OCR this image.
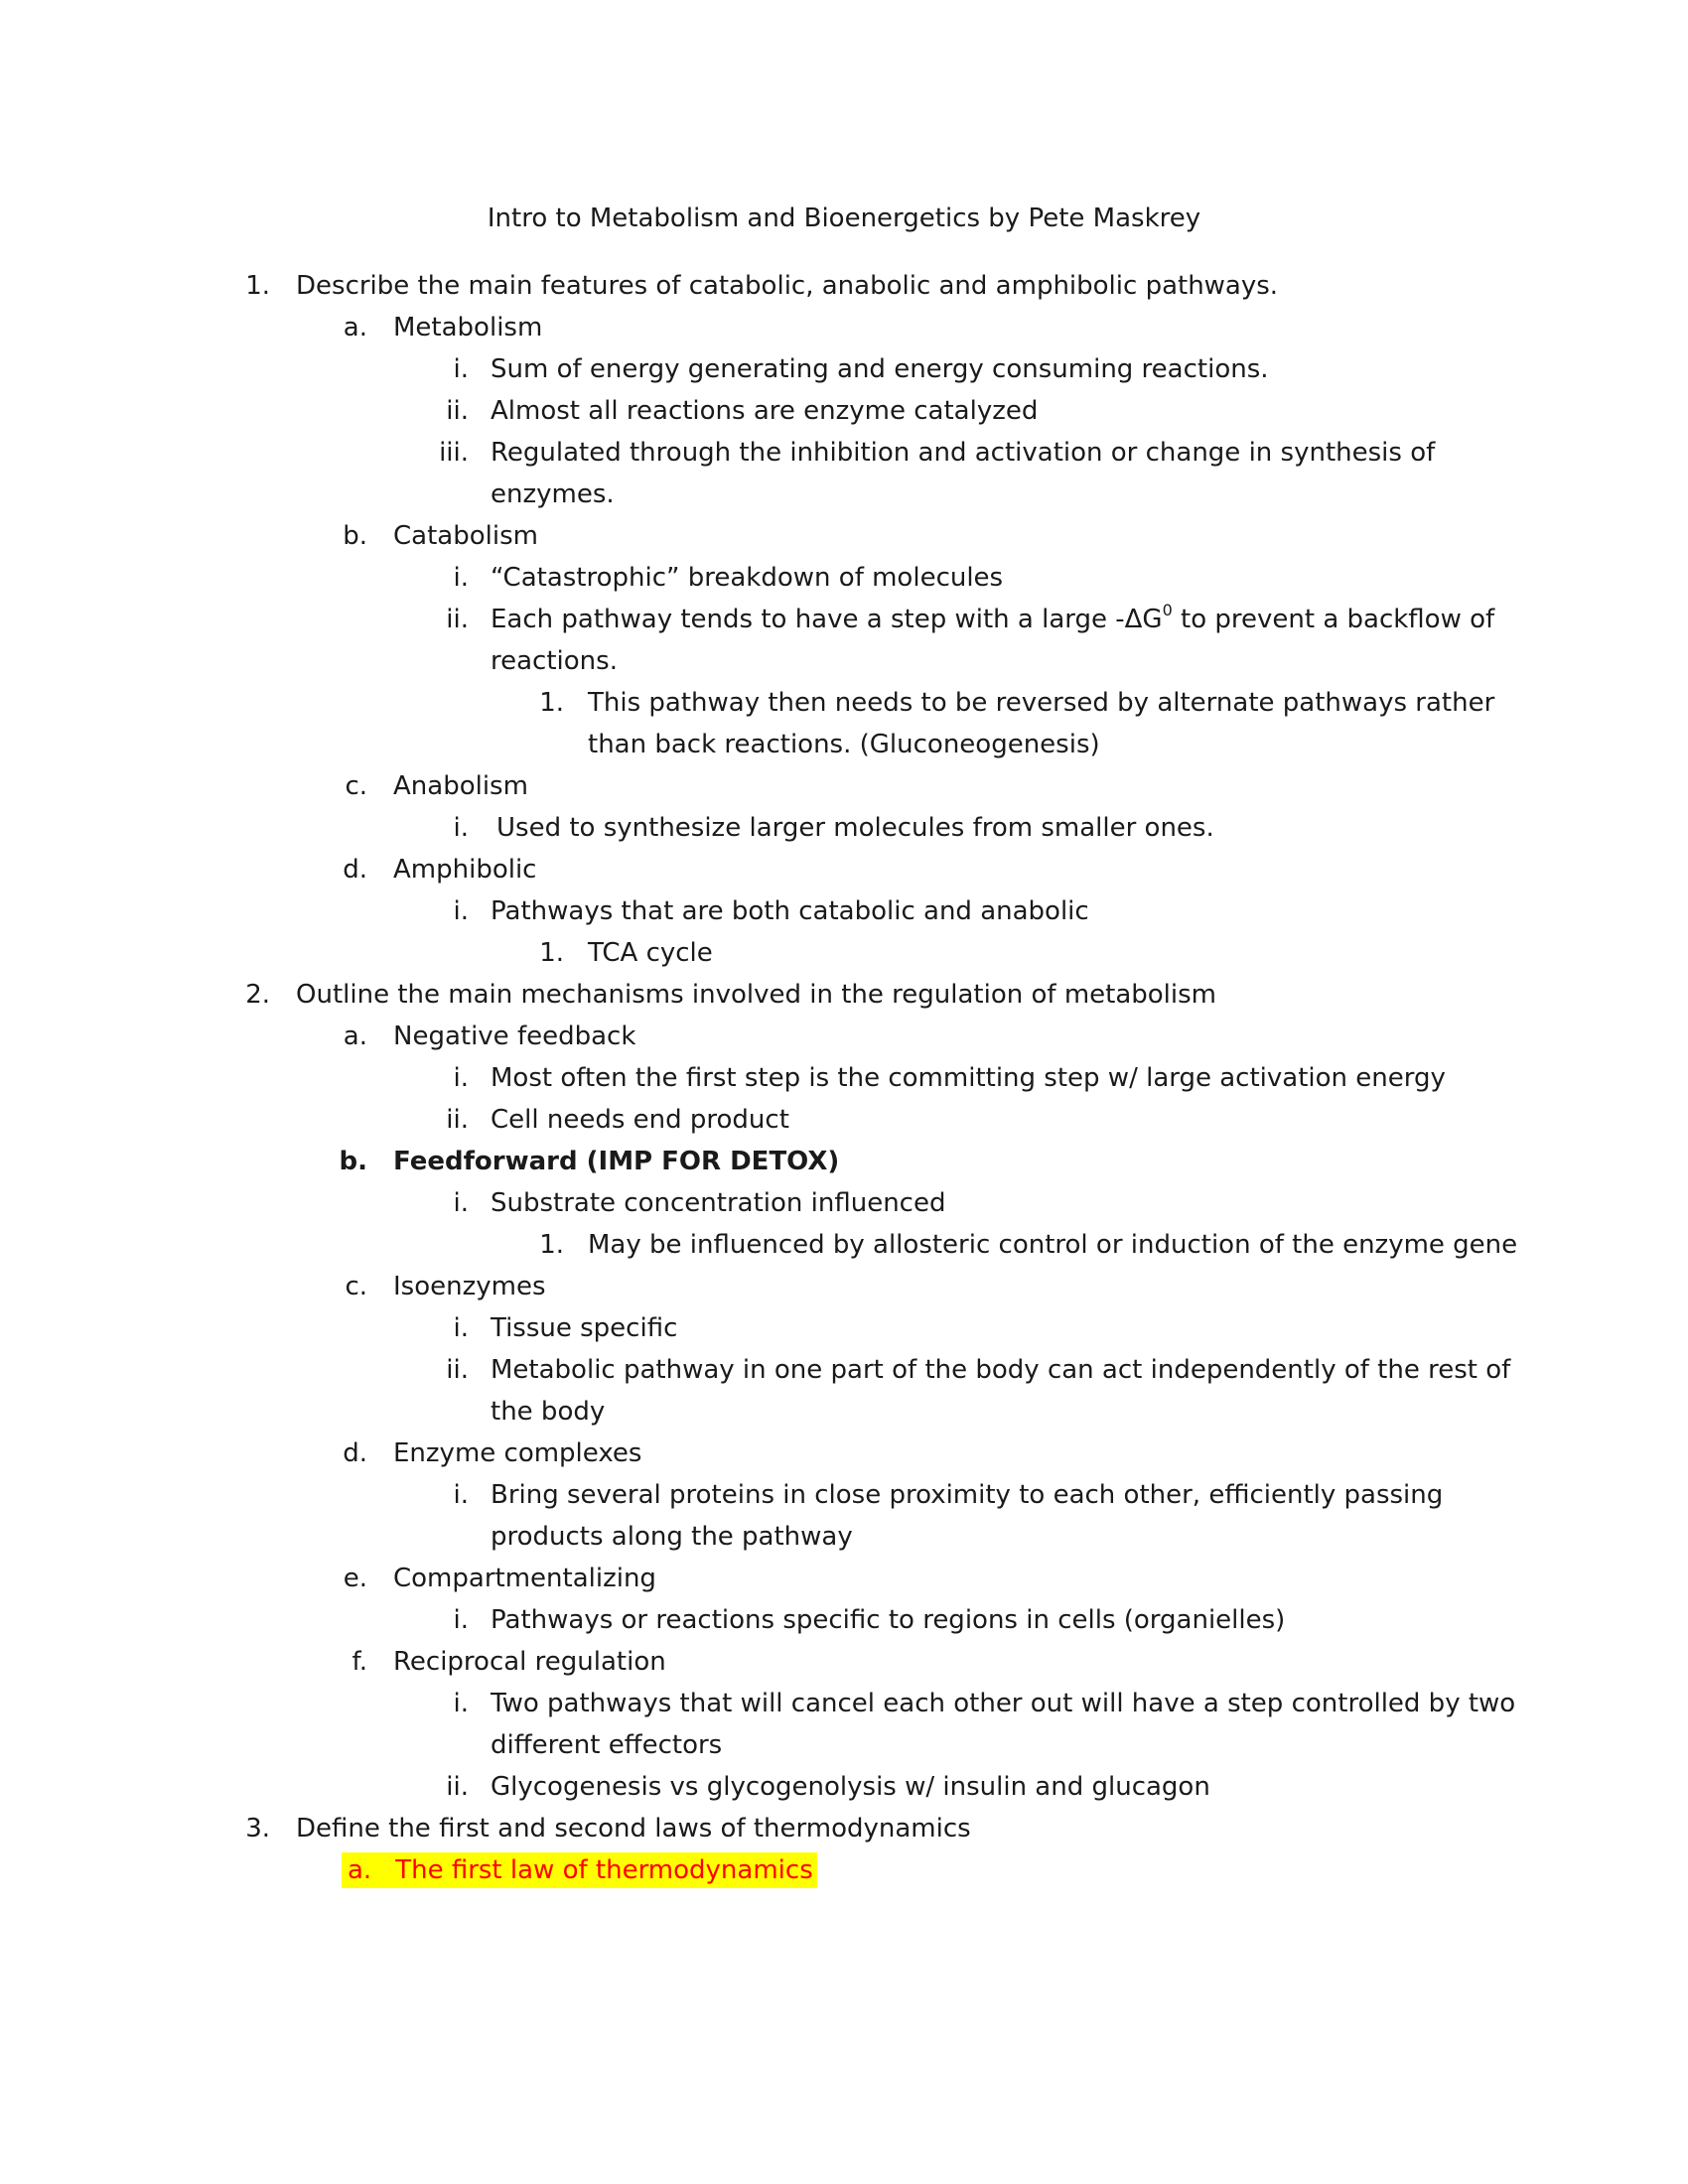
Intro to Metabolism and Bioenergetics by Pete Maskrey
1. Describe the main features of catabolic, anabolic and amphibolic pathways.
a. Metabolism
i. Sum of energy generating and energy consuming reactions.
ii. Almost all reactions are enzyme catalyzed
iii. Regulated through the inhibition and activation or change in synthesis of
enzymes.
b. Catabolism
i. “Catastrophic” breakdown of molecules
ii. Each pathway tends to have a step with a large $-\Delta G^0$ to prevent a backflow of
reactions.
1. This pathway then needs to be reversed by alternate pathways rather
than back reactions. (Gluconeogenesis)
c. Anabolism
i. Used to synthesize larger molecules from smaller ones.
d. Amphibolic
i. Pathways that are both catabolic and anabolic
1. TCA cycle
2. Outline the main mechanisms involved in the regulation of metabolism
a. Negative feedback
i. Most often the first step is the committing step w/ large activation energy
ii. Cell needs end product
b. Feedforward (IMP FOR DETOX)
i. Substrate concentration influenced
1. May be influenced by allosteric control or induction of the enzyme gene
c. Isoenzymes
i. Tissue specific
ii. Metabolic pathway in one part of the body can act independently of the rest of
the body
d. Enzyme complexes
i. Bring several proteins in close proximity to each other, efficiently passing
products along the pathway
e. Compartmentalizing
i. Pathways or reactions specific to regions in cells (organielles)
f. Reciprocal regulation
i. Two pathways that will cancel each other out will have a step controlled by two
different effectors
ii. Glycogenesis vs glycogenolysis w/ insulin and glucagon
3. Define the first and second laws of thermodynamics
a. The first law of thermodynamics
